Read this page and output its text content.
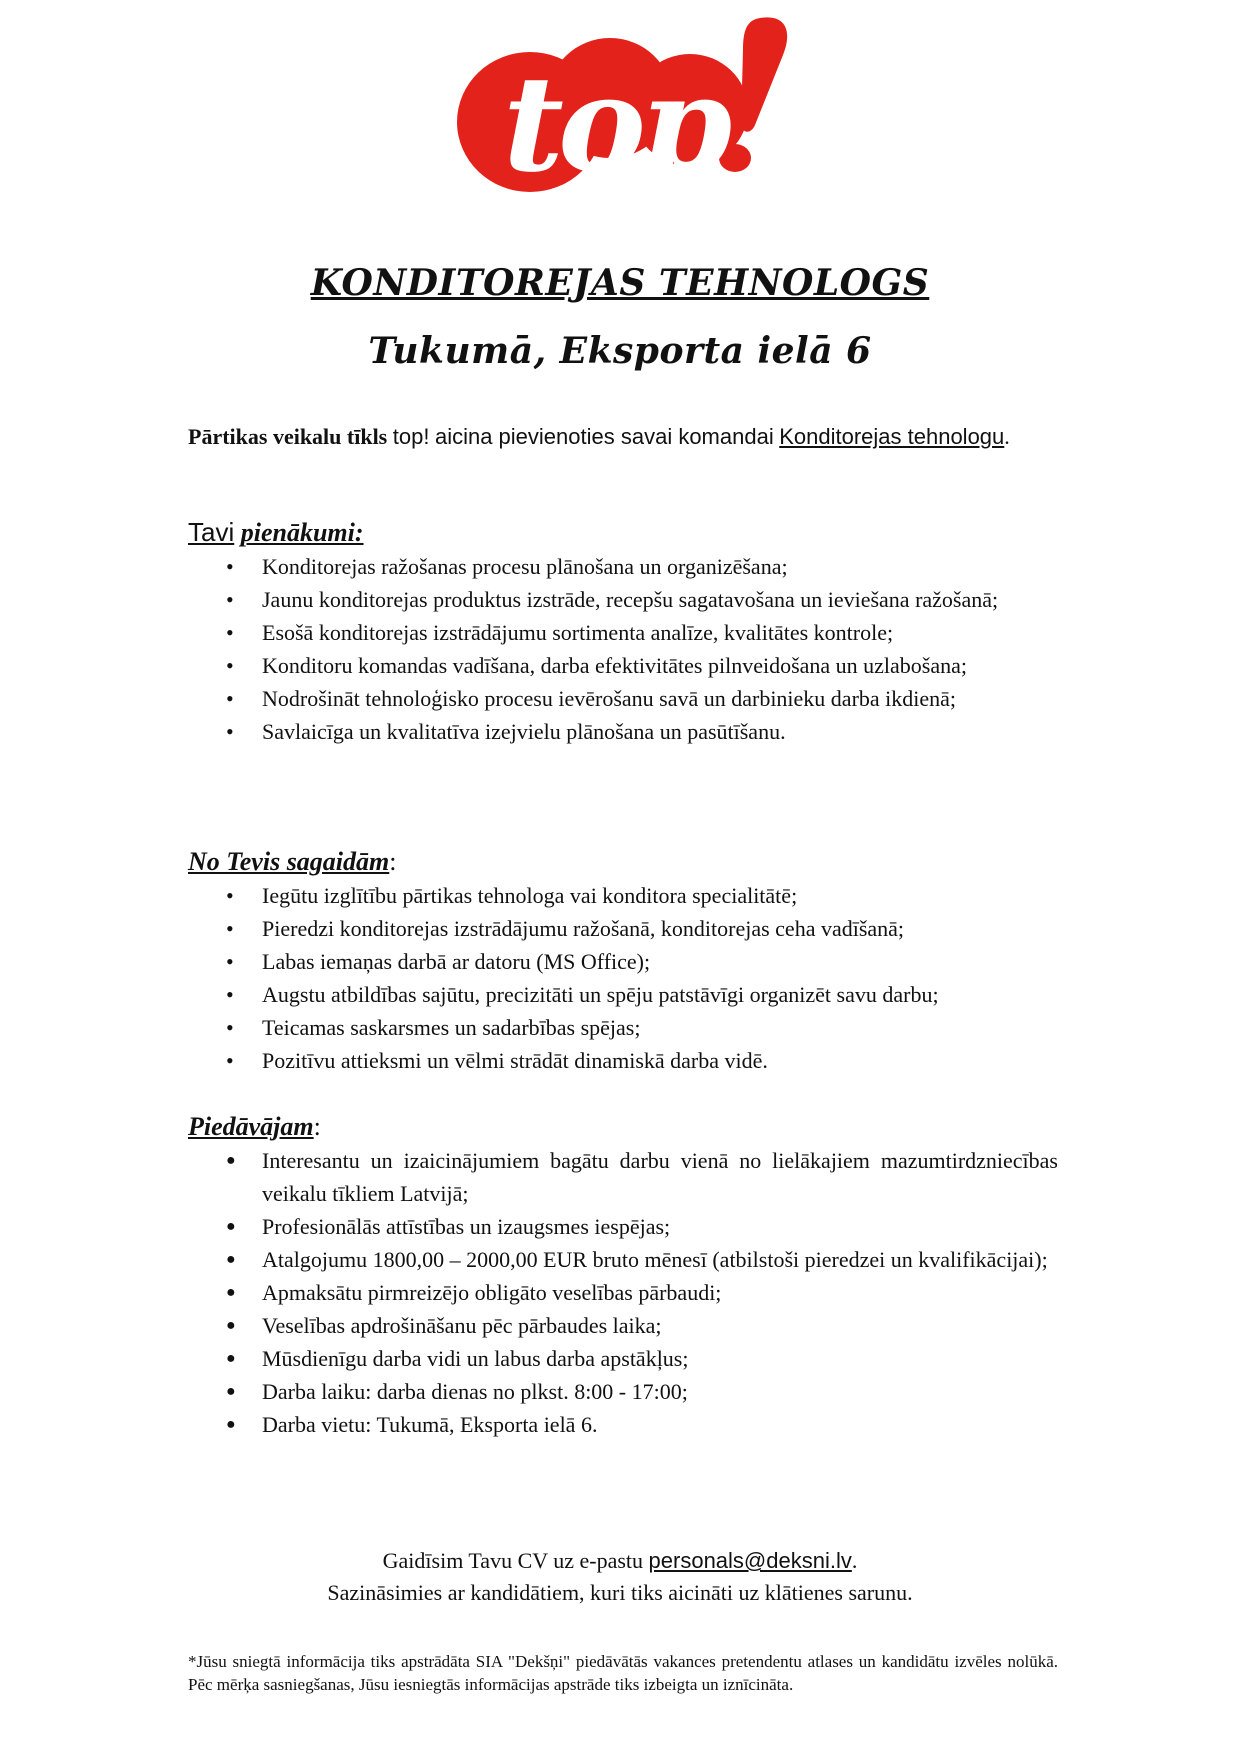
top
KONDITOREJAS TEHNOLOGS
Tukumā, Eksporta ielā 6
Pārtikas veikalu tīkls top! aicina pievienoties savai komandai Konditorejas tehnologu.

Tavi pienākumi:

• Konditorejas ražošanas procesu plānošana un organizēšana;
• Jaunu konditorejas produktus izstrāde, recepšu sagatavošana un ieviešana ražošanā;
• Esošā konditorejas izstrādājumu sortimenta analīze, kvalitātes kontrole;
• Konditoru komandas vadīšana, darba efektivitātes pilnveidošana un uzlabošana;
• Nodrošināt tehnoloģisko procesu ievērošanu savā un darbinieku darba ikdienā;
• Savlaicīga un kvalitatīva izejvielu plānošana un pasūtīšanu.

No Tevis sagaidām:

• Iegūtu izglītību pārtikas tehnologa vai konditora specialitātē;
• Pieredzi konditorejas izstrādājumu ražošanā, konditorejas ceha vadīšanā;
• Labas iemaņas darbā ar datoru (MS Office);
• Augstu atbildības sajūtu, precizitāti un spēju patstāvīgi organizēt savu darbu;
• Teicamas saskarsmes un sadarbības spējas;
• Pozitīvu attieksmi un vēlmi strādāt dinamiskā darba vidē.

Piedāvājam:

● Interesantu un izaicinājumiem bagātu darbu vienā no lielākajiem mazumtirdzniecības veikalu tīkliem Latvijā;
● Profesionālās attīstības un izaugsmes iespējas;
● Atalgojumu 1800,00 – 2000,00 EUR bruto mēnesī (atbilstoši pieredzei un kvalifikācijai);
● Apmaksātu pirmreizējo obligāto veselības pārbaudi;
● Veselības apdrošināšanu pēc pārbaudes laika;
● Mūsdienīgu darba vidi un labus darba apstākļus;
● Darba laiku: darba dienas no plkst. 8:00 - 17:00;
● Darba vietu: Tukumā, Eksporta ielā 6.
Gaidīsim Tavu CV uz e-pastu personals@deksni.lv.
Sazināsimies ar kandidātiem, kuri tiks aicināti uz klātienes sarunu.
*Jūsu sniegtā informācija tiks apstrādāta SIA "Dekšņi" piedāvātās vakances pretendentu atlases un kandidātu izvēles nolūkā. Pēc mērķa sasniegšanas, Jūsu iesniegtās informācijas apstrāde tiks izbeigta un iznīcināta.
